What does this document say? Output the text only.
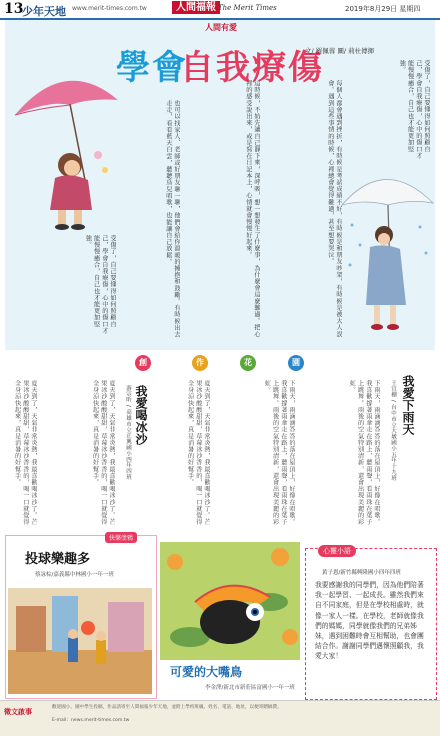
13
少年天地 www.merit-times.com.tw	人間福報 The Merit Times	2019年8月29日 星期四
人間有愛
學會
自我療傷
文/ 羅佩蓉 圖/ 莉杜傳揮
受傷了，自己要懂得如何照顧自己，學會自我療傷，心中的傷口才能慢慢癒合，自己也才能更加堅強。
每個人都會遇到挫折，有時候是考試成績不好，有時候是和朋友吵架，有時候是被大人誤會。遇到這些事情的時候，心裡總會覺得難過，甚至想要哭泣。
這時候，不妨先讓自己靜下來，深呼吸，想一想發生了什麼事，為什麼會這麼難過。把心裡的感受說出來，或是寫在日記本上，心情就會慢慢好起來。
也可以找家人、老師或好朋友聊一聊，他們會給你溫暖的擁抱和鼓勵。有時候出去走走，看看藍天白雲，聽聽鳥兒唱歌，也能讓自己放鬆。
受傷了，自己要懂得如何照顧自己，學會自我療傷，心中的傷口才能慢慢癒合，自己也才能更加堅強。
創	作	花	園
我愛下雨天
王宜棚 / 台中市立大墩國小五年十九班
下雨天，雨滴滴答答的落在屋頂上，好像在唱歌。我喜歡撐著雨傘走在路上，聽雨聲，看雨珠在葉子上跳舞。雨後的空氣特別清新，還會出現美麗的彩虹。
下雨天，雨滴滴答答的落在屋頂上，好像在唱歌。我喜歡撐著雨傘走在路上，聽雨聲，看雨珠在葉子上跳舞。雨後的空氣特別清新，還會出現美麗的彩虹。
我愛喝冰沙
游宗昕 / 高雄市立正興國小四年四班	夏天到了，天氣非常炎熱，我最喜歡喝冰沙了。芒果冰沙酸酸甜甜，草莓冰沙香香的，喝一口就覺得全身涼快起來，真是消暑的好幫手。
夏天到了，天氣非常炎熱，我最喜歡喝冰沙了。芒果冰沙酸酸甜甜，草莓冰沙香香的，喝一口就覺得全身涼快起來，真是消暑的好幫手。
夏天到了，天氣非常炎熱，我最喜歡喝冰沙了。芒果冰沙酸酸甜甜，草莓冰沙香香的，喝一口就覺得全身涼快起來，真是消暑的好幫手。
快樂塗鴉
投球樂趣多
蔡詠棕/嘉義縣中林國小一年一班
可愛的大嘴鳥
李金澤/新北市新莊區富國小一年一班
心靈小語
黃子恩/新竹縣興隆國小四年四班
我要感謝我的同學們，因為他們陪著我一起學習、一起成長。雖然我們來自不同家庭，但是在學校相處時，就像一家人一樣。在學校，老師就像我們的媽媽，同學就像我們的兄弟姊妹，遇到困難時會互相幫助，也會團結合作。謝謝同學們邁懷照顧我，我愛大家！
徵文啟事
歡迎國小、國中學生投稿，作品請寄至人間福報少年天地，並附上學校班級、姓名、電話、地址，以便寄贈稿費。
E-mail：news.merit-times.com.tw
